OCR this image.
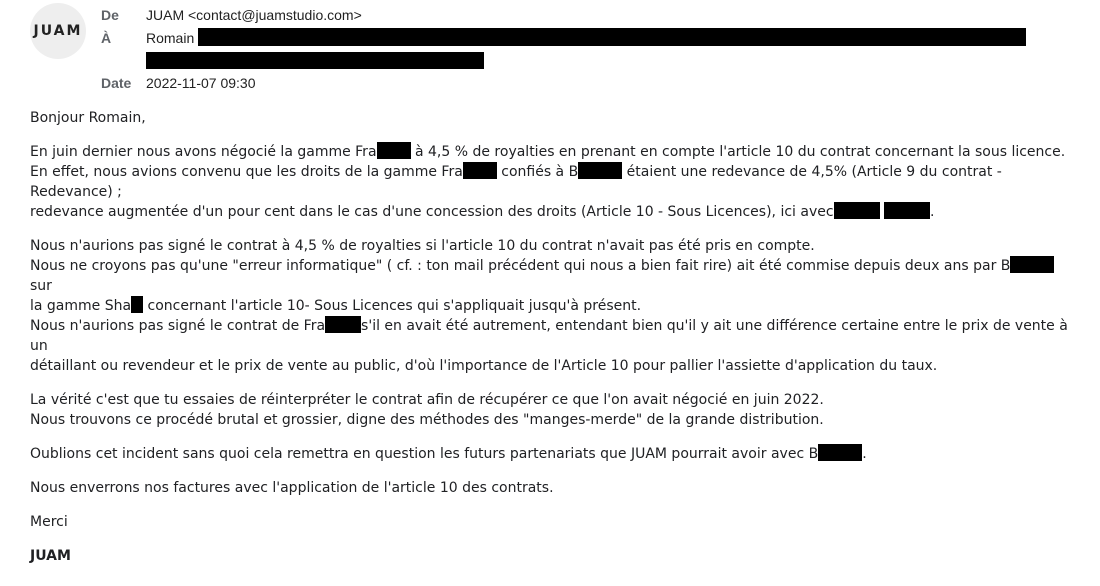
JUAM
De JUAM <contact@juamstudio.com>
À Romain
Date 2022-11-07 09:30

Bonjour Romain,

En juin dernier nous avons négocié la gamme Fra à 4,5 % de royalties en prenant en compte l'article 10 du contrat concernant la sous licence.
En effet, nous avions convenu que les droits de la gamme Fra confiés à B	étaient une redevance de 4,5% (Article 9 du contrat -
Redevance) ;
redevance augmentée d'un pour cent dans le cas d'une concession des droits (Article 10 - Sous Licences), ici avec	.

Nous n'aurions pas signé le contrat à 4,5 % de royalties si l'article 10 du contrat n'avait pas été pris en compte.
Nous ne croyons pas qu'une "erreur informatique" ( cf. : ton mail précédent qui nous a bien fait rire) ait été commise depuis deux ans par B sur
la gamme Sha concernant l'article 10- Sous Licences qui s'appliquait jusqu'à présent.
Nous n'aurions pas signé le contrat de Fra	s'il en avait été autrement, entendant bien qu'il y ait une différence certaine entre le prix de vente à un
détaillant ou revendeur et le prix de vente au public, d'où l'importance de l'Article 10 pour pallier l'assiette d'application du taux.

La vérité c'est que tu essaies de réinterpréter le contrat afin de récupérer ce que l'on avait négocié en juin 2022.
Nous trouvons ce procédé brutal et grossier, digne des méthodes des "manges-merde" de la grande distribution.

Oublions cet incident sans quoi cela remettra en question les futurs partenariats que JUAM pourrait avoir avec B	.

Nous enverrons nos factures avec l'application de l'article 10 des contrats.

Merci

JUAM
